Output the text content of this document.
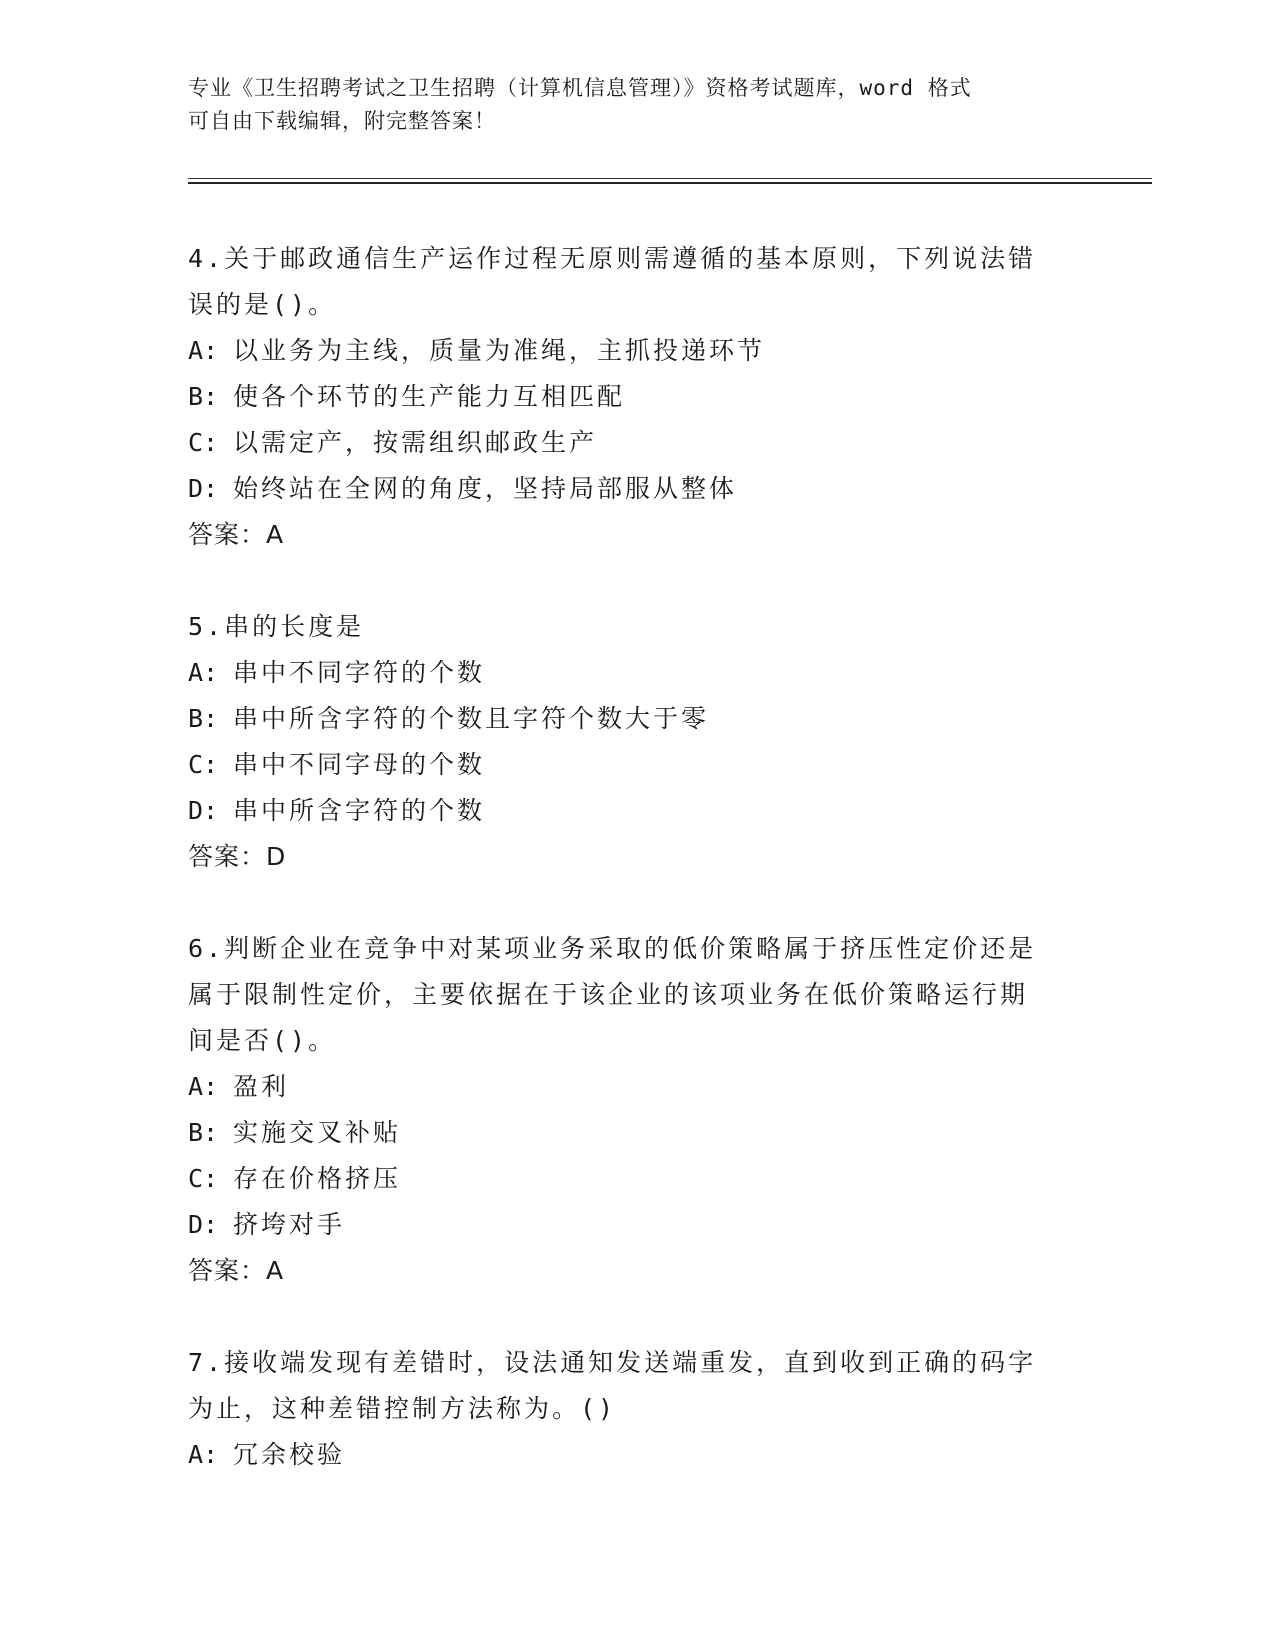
专业《卫生招聘考试之卫生招聘（计算机信息管理）》资格考试题库，word 格式
可自由下载编辑，附完整答案！
4.关于邮政通信生产运作过程无原则需遵循的基本原则，下列说法错
误的是()。
A: 以业务为主线，质量为准绳，主抓投递环节
B: 使各个环节的生产能力互相匹配
C: 以需定产，按需组织邮政生产
D: 始终站在全网的角度，坚持局部服从整体
答案：A
5.串的长度是
A: 串中不同字符的个数
B: 串中所含字符的个数且字符个数大于零
C: 串中不同字母的个数
D: 串中所含字符的个数
答案：D
6.判断企业在竞争中对某项业务采取的低价策略属于挤压性定价还是
属于限制性定价，主要依据在于该企业的该项业务在低价策略运行期
间是否()。
A: 盈利
B: 实施交叉补贴
C: 存在价格挤压
D: 挤垮对手
答案：A
7.接收端发现有差错时，设法通知发送端重发，直到收到正确的码字
为止，这种差错控制方法称为。()
A: 冗余校验
